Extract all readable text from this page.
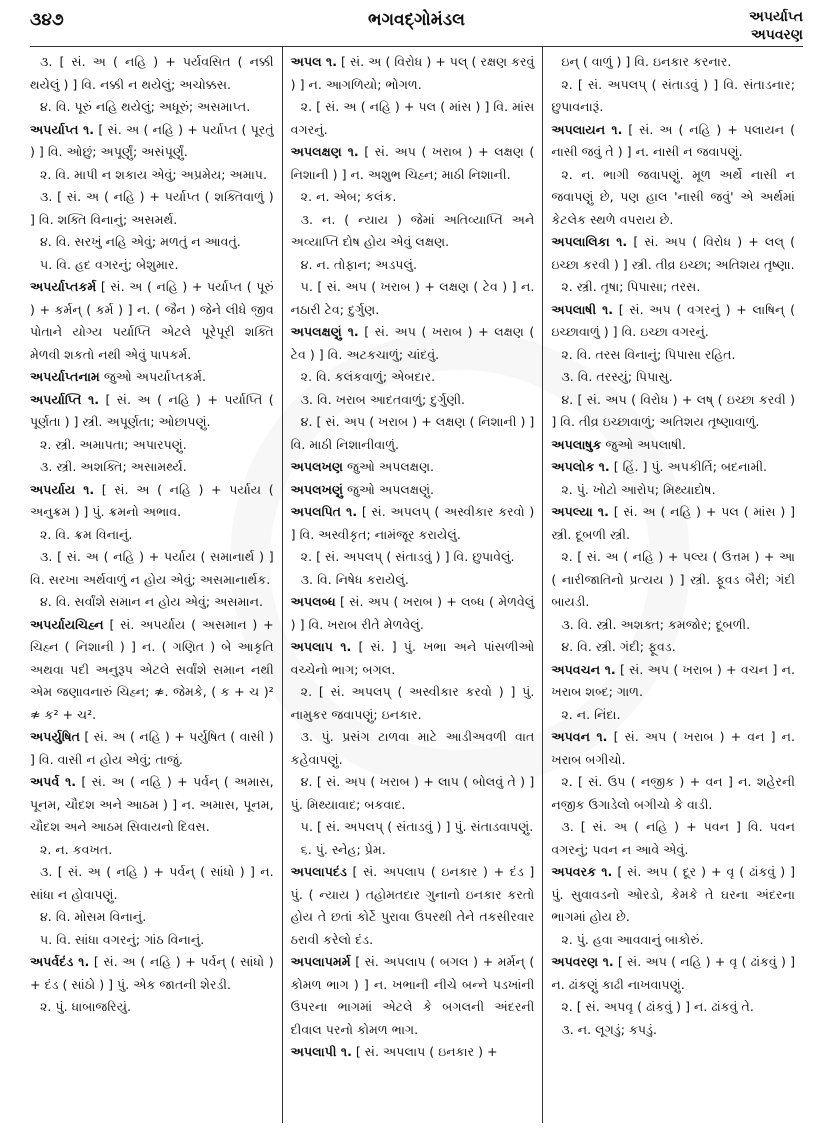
૩૪૭	ભગવદ્ગોમંડલ	અપર્યાપ્ત
અપવરણ

૩. [ સં. અ ( નહિ ) + પર્યવસિત ( નક્કી થયેલું ) ] વિ. નક્કી ન થયેલું; અચોક્કસ.

૪. વિ. પૂરું નહિ થયેલું; અધૂરું; અસમાપ્ત.

અપર્યાપ્ત ૧. [ સં. અ ( નહિ ) + પર્યાપ્ત ( પૂરતું ) ] વિ. ઓછું; અપૂર્ણું; અસંપૂર્ણું.

૨. વિ. માપી ન શકાય એવું; અપ્રમેય; અમાપ.

૩. [ સં. અ ( નહિ ) + પર્યાપ્ત ( શક્તિવાળું ) ] વિ. શક્તિ વિનાનું; અસમર્થ.

૪. વિ. સરખું નહિ એવું; મળતું ન આવતું.

૫. વિ. હદ વગરનું; બેશુમાર.

અપર્યાપ્તકર્મ [ સં. અ ( નહિ ) + પર્યાપ્ત ( પૂરું ) + કર્મન્ ( કર્મ ) ] ન. ( જૈન ) જેને લીધે જીવ પોતાને યોગ્ય પર્યાપ્તિ એટલે પૂરેપૂરી શક્તિ મેળવી શકતો નથી એવું પાપકર્મ.

અપર્યાપ્તનામ જુઓ અપર્યાપ્તકર્મ.

અપર્યાપ્તિ ૧. [ સં. અ ( નહિ ) + પર્યાપ્તિ ( પૂર્ણતા ) ] સ્ત્રી. અપૂર્ણતા; ઓછાપણું.

૨. સ્ત્રી. અમાપતા; અપારપણું.

૩. સ્ત્રી. અશક્તિ; અસામર્થ્ય.

અપર્યાય ૧. [ સં. અ ( નહિ ) + પર્યાય ( અનુક્રમ ) ] પું. ક્રમનો અભાવ.

૨. વિ. ક્રમ વિનાનું.

૩. [ સં. અ ( નહિ ) + પર્યાય ( સમાનાર્થ ) ] વિ. સરખા અર્થવાળું ન હોય એવું; અસમાનાર્થક.

૪. વિ. સર્વાંશે સમાન ન હોય એવું; અસમાન.

અપર્યાયચિહ્ન [ સં. અપર્યાય ( અસમાન ) + ચિહ્ન ( નિશાની ) ] ન. ( ગણિત ) બે આકૃતિ અથવા પદી અનુરૂપ એટલે સર્વાંશે સમાન નથી એમ જણાવનારું ચિહ્ન; ≉. જેમકે, ( ક + ચ )² ≉ ક² + ચ².

અપર્યુષિત [ સં. અ ( નહિ ) + પર્યુષિત ( વાસી ) ] વિ. વાસી ન હોય એવું; તાજું.

અપર્વ ૧. [ સં. અ ( નહિ ) + પર્વન્ ( અમાસ, પૂનમ, ચૌદશ અને આઠમ ) ] ન. અમાસ, પૂનમ, ચૌદશ અને આઠમ સિવાયનો દિવસ.

૨. ન. કવખત.

૩. [ સં. અ ( નહિ ) + પર્વન્ ( સાંધો ) ] ન. સાંધા ન હોવાપણું.

૪. વિ. મોસમ વિનાનું.

૫. વિ. સાંધા વગરનું; ગાંઠ વિનાનું.

અપર્વદંડ ૧. [ સં. અ ( નહિ ) + પર્વન્ ( સાંધો ) + દંડ ( સાંઠો ) ] પું. એક જાતની શેરડી.

૨. પું. ધાબાજરિયું.

અપલ ૧. [ સં. અ ( વિરોધ ) + પલ્ ( રક્ષણ કરવું ) ] ન. આગળિયો; ભોગળ.

૨. [ સં. અ ( નહિ ) + પલ ( માંસ ) ] વિ. માંસ વગરનું.

અપલક્ષણ ૧. [ સં. અપ ( ખરાબ ) + લક્ષણ ( નિશાની ) ] ન. અશુભ ચિહ્ન; માઠી નિશાની.

૨. ન. એબ; કલંક.

૩. ન. ( ન્યાય ) જેમાં અતિવ્યાપ્તિ અને અવ્યાપ્તિ દોષ હોય એવું લક્ષણ.

૪. ન. તોફાન; અડપલું.

૫. [ સં. અપ ( ખરાબ ) + લક્ષણ ( ટેવ ) ] ન. નઠારી ટેવ; દુર્ગુણ.

અપલક્ષણું ૧. [ સં. અપ ( ખરાબ ) + લક્ષણ ( ટેવ ) ] વિ. અટકચાળું; ચાંદવું.

૨. વિ. કલંકવાળું; એબદાર.

૩. વિ. ખરાબ આદતવાળું; દુર્ગુણી.

૪. [ સં. અપ ( ખરાબ ) + લક્ષણ ( નિશાની ) ] વિ. માઠી નિશાનીવાળું.

અપલખણ જુઓ અપલક્ષણ.

અપલખણું જુઓ અપલક્ષણું.

અપલપિત ૧. [ સં. અપલપ્ ( અસ્વીકાર કરવો ) ] વિ. અસ્વીકૃત; નામંજૂર કરાયેલું.

૨. [ સં. અપલપ્ ( સંતાડવું ) ] વિ. છુપાવેલું.

૩. વિ. નિષેધ કરાયેલું.

અપલબ્ધ [ સં. અપ ( ખરાબ ) + લબ્ધ ( મેળવેલું ) ] વિ. ખરાબ રીતે મેળવેલું.

અપલાપ ૧. [ સં. ] પું. ખભા અને પાંસળીઓ વચ્ચેનો ભાગ; બગલ.

૨. [ સં. અપલપ્ ( અસ્વીકાર કરવો ) ] પું. નામુકર જવાપણું; ઇનકાર.

૩. પું. પ્રસંગ ટાળવા માટે આડીઅવળી વાત કહેવાપણું.

૪. [ સં. અપ ( ખરાબ ) + લાપ ( બોલવું તે ) ] પું. મિથ્યાવાદ; બકવાદ.

૫. [ સં. અપલપ્ ( સંતાડવું ) ] પું. સંતાડવાપણું.

૬. પું. સ્નેહ; પ્રેમ.

અપલાપદંડ [ સં. અપલાપ ( ઇનકાર ) + દંડ ] પું. ( ન્યાય ) તહોમતદાર ગુનાનો ઇનકાર કરતો હોય તે છતાં કોર્ટે પુરાવા ઉપરથી તેને તકસીરવાર ઠરાવી કરેલો દંડ.

અપલાપમર્મ [ સં. અપલાપ ( બગલ ) + મર્મન્ ( કોમળ ભાગ ) ] ન. ખભાની નીચે બન્ને પડખાંની ઉપરના ભાગમાં એટલે કે બગલની અંદરની દીવાલ પરનો કોમળ ભાગ.

અપલાપી ૧. [ સં. અપલાપ ( ઇનકાર ) +

ઇન્ ( વાળું ) ] વિ. ઇનકાર કરનાર.

૨. [ સં. અપલપ્ ( સંતાડવું ) ] વિ. સંતાડનાર; છુપાવનારૂં.

અપલાયન ૧. [ સં. અ ( નહિ ) + પલાયન ( નાસી જવું તે ) ] ન. નાસી ન જવાપણું.

૨. ન. ભાગી જવાપણું. મૂળ અર્થે નાસી ન જવાપણું છે, પણ હાલ 'નાસી જવું' એ અર્થમાં કેટલેક સ્થળે વપરાય છે.

અપલાલિકા ૧. [ સં. અપ ( વિરોધ ) + લલ્ ( ઇચ્છા કરવી ) ] સ્ત્રી. તીવ્ર ઇચ્છા; અતિશય તૃષ્ણા.

૨. સ્ત્રી. તૃષા; પિપાસા; તરસ.

અપલાષી ૧. [ સં. અપ ( વગરનું ) + લાષિન્ ( ઇચ્છાવાળું ) ] વિ. ઇચ્છા વગરનું.

૨. વિ. તરસ વિનાનું; પિપાસા રહિત.

૩. વિ. તરસ્યું; પિપાસુ.

૪. [ સં. અપ ( વિરોધ ) + લષ્ ( ઇચ્છા કરવી ) ] વિ. તીવ્ર ઇચ્છાવાળું; અતિશય તૃષ્ણાવાળું.

અપલાષુક જુઓ અપલાષી.

અપલોક ૧. [ હિં. ] પું. અપકીર્તિ; બદનામી.

૨. પું. ખોટો આરોપ; મિથ્યાદોષ.

અપલ્યા ૧. [ સં. અ ( નહિ ) + પલ ( માંસ ) ] સ્ત્રી. દૂબળી સ્ત્રી.

૨. [ સં. અ ( નહિ ) + પલ્ય ( ઉત્તમ ) + આ ( નારીજાતિનો પ્રત્યય ) ] સ્ત્રી. ફૂવડ બૈરી; ગંદી બાયડી.

૩. વિ. સ્ત્રી. અશક્ત; કમજોર; દૂબળી.

૪. વિ. સ્ત્રી. ગંદી; ફૂવડ.

અપવચન ૧. [ સં. અપ ( ખરાબ ) + વચન ] ન. ખરાબ શબ્દ; ગાળ.

૨. ન. નિંદા.

અપવન ૧. [ સં. અપ ( ખરાબ ) + વન ] ન. ખરાબ બગીચો.

૨. [ સં. ઉપ ( નજીક ) + વન ] ન. શહેરની નજીક ઉગાડેલો બગીચો કે વાડી.

૩. [ સં. અ ( નહિ ) + પવન ] વિ. પવન વગરનું; પવન ન આવે એવું.

અપવરક ૧. [ સં. અપ ( દૂર ) + વૃ ( ઢાંકવું ) ] પું. સુવાવડનો ઓરડો, કેમકે તે ઘરના અંદરના ભાગમાં હોય છે.

૨. પું. હવા આવવાનું બાકોરું.

અપવરણ ૧. [ સં. અપ ( નહિ ) + વૃ ( ઢાંકવું ) ] ન. ઢાંકણું કાઢી નાખવાપણું.

૨. [ સં. અપવૃ ( ઢાંકવું ) ] ન. ઢાંકવું તે.

૩. ન. લૂગડું; કપડું.
